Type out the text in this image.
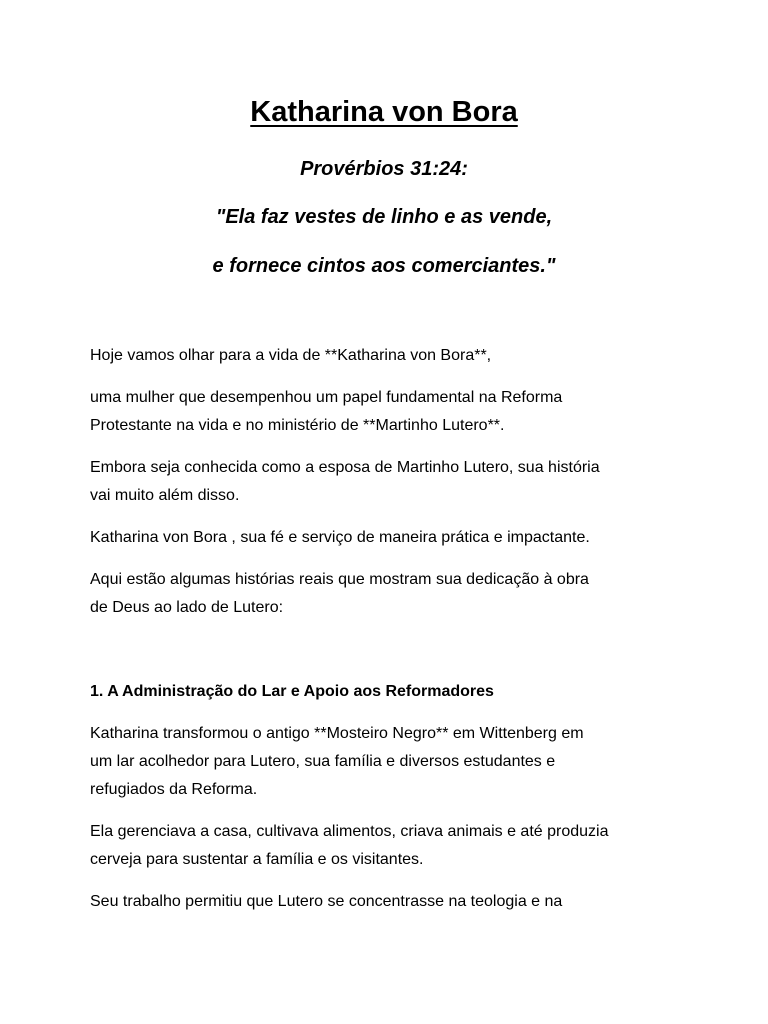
Katharina von Bora
Provérbios 31:24:
"Ela faz vestes de linho e as vende,
e fornece cintos aos comerciantes."
Hoje vamos olhar para a vida de **Katharina von Bora**,
uma mulher que desempenhou um papel fundamental na Reforma
Protestante na vida e no ministério de **Martinho Lutero**.
Embora seja conhecida como a esposa de Martinho Lutero, sua história
vai muito além disso.
Katharina von Bora , sua fé e serviço de maneira prática e impactante.
Aqui estão algumas histórias reais que mostram sua dedicação à obra
de Deus ao lado de Lutero:
1. A Administração do Lar e Apoio aos Reformadores
Katharina transformou o antigo **Mosteiro Negro** em Wittenberg em
um lar acolhedor para Lutero, sua família e diversos estudantes e
refugiados da Reforma.
Ela gerenciava a casa, cultivava alimentos, criava animais e até produzia
cerveja para sustentar a família e os visitantes.
Seu trabalho permitiu que Lutero se concentrasse na teologia e na
